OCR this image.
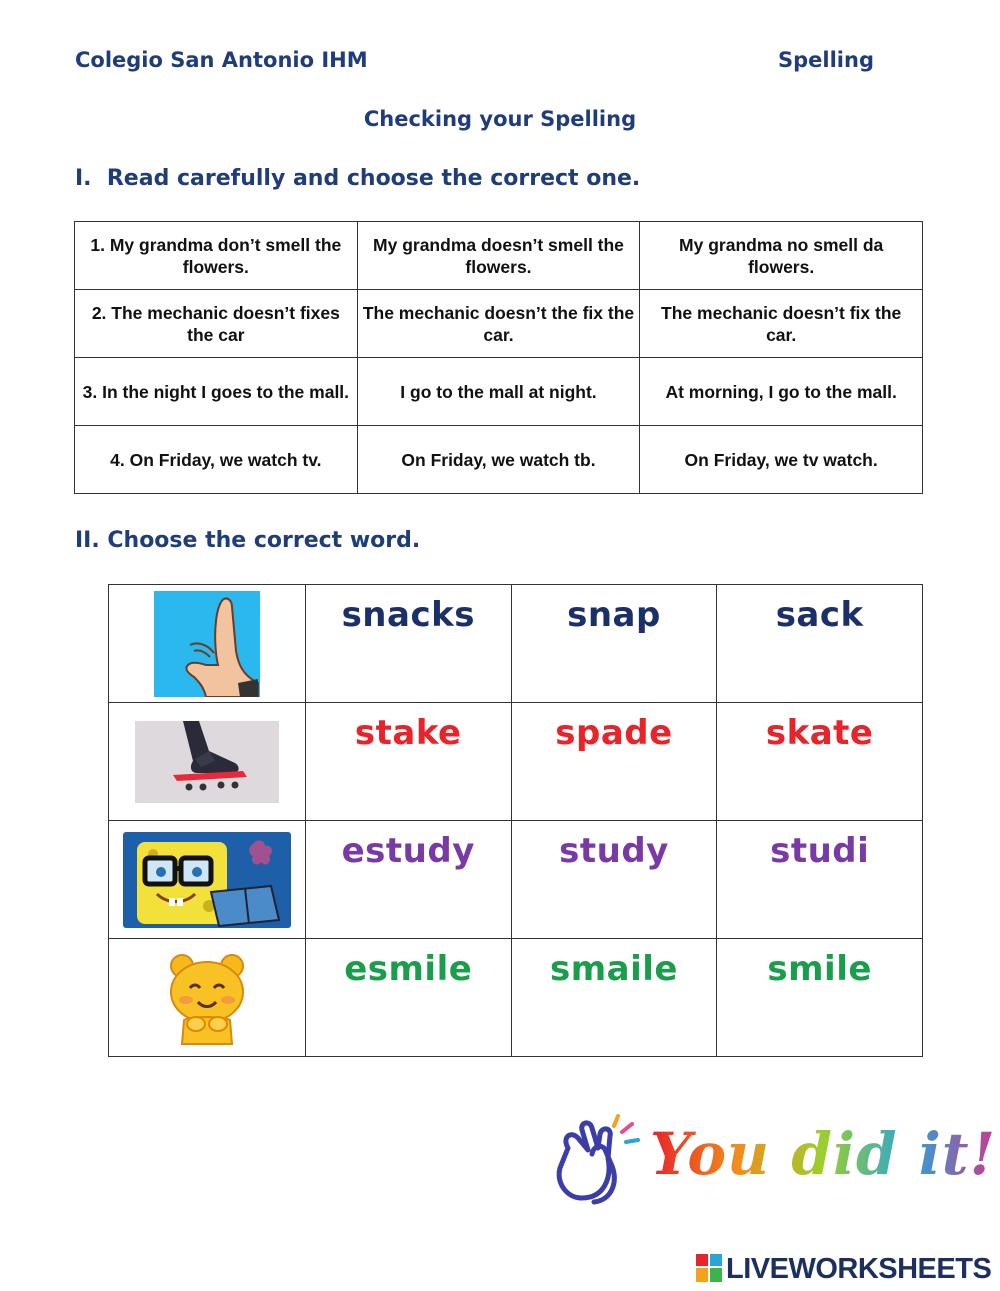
Colegio San Antonio IHM	Spelling
Checking your Spelling
I.  Read carefully and choose the correct one.
1. My grandma don’t smell the flowers.	My grandma doesn’t smell the flowers.	My grandma no smell da flowers.
2. The mechanic doesn’t fixes the car	The mechanic doesn’t the fix the car.	The mechanic doesn’t fix the car.
3. In the night I goes to the mall.	I go to the mall at night.	At morning, I go to the mall.
4. On Friday, we watch tv.	On Friday, we watch tb.	On Friday, we tv watch.
II. Choose the correct word.
	snacks	snap	sack

	stake	spade	skate

	estudy	study	studi

	esmile	smaile	smile
You did it!
LIVEWORKSHEETS
